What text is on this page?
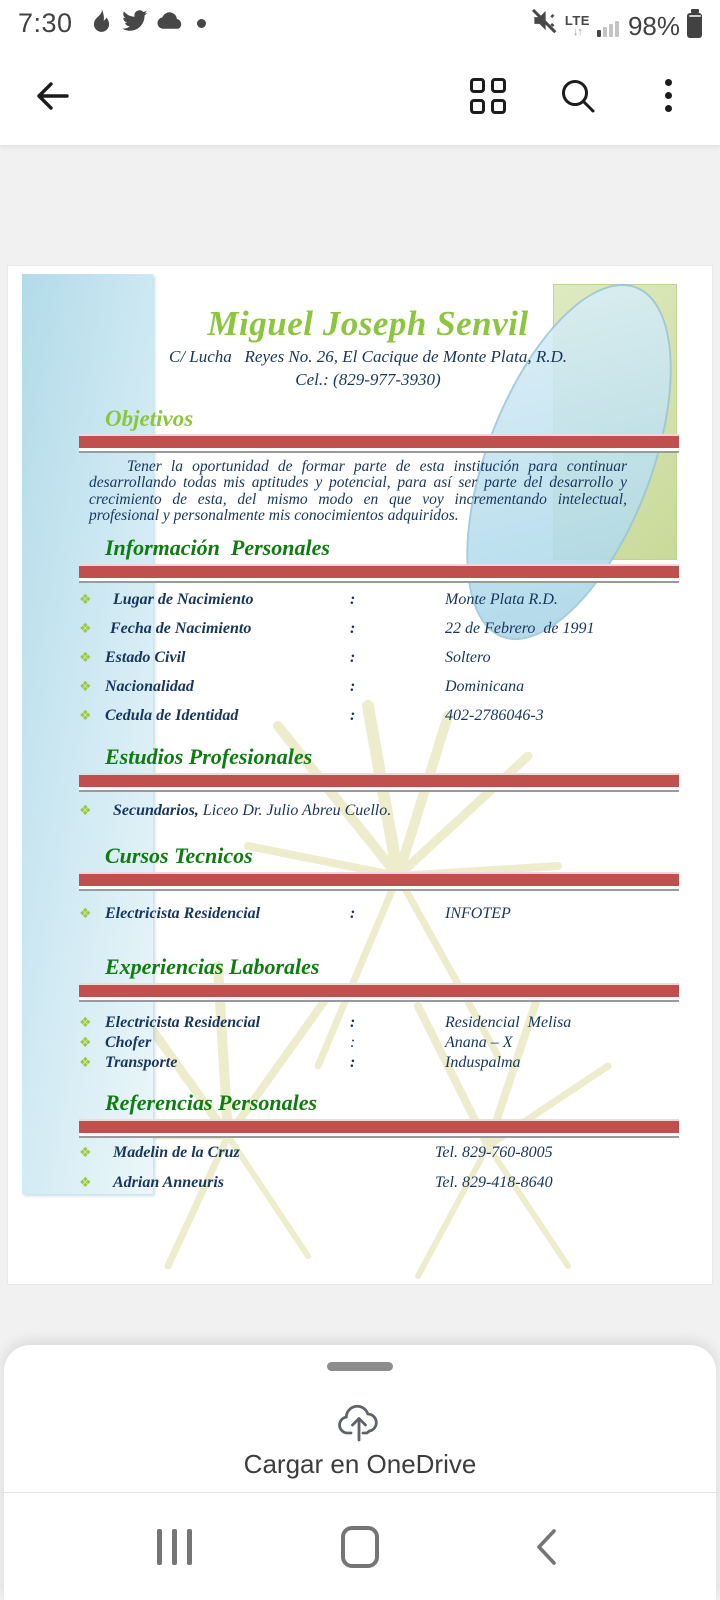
7:30	LTE
↓↑ 98%
Miguel Joseph Senvil
C/ Lucha   Reyes No. 26, El Cacique de Monte Plata, R.D.
Cel.: (829-977-3930)
Objetivos
Tener la oportunidad de formar parte de esta institución para continuar desarrollando todas mis aptitudes y potencial, para así ser parte del desarrollo y crecimiento de esta, del mismo modo en que voy incrementando intelectual, profesional y personalmente mis conocimientos adquiridos.
Información  Personales
❖	Lugar de Nacimiento	:	Monte Plata R.D.
❖	Fecha de Nacimiento	:	22 de Febrero  de 1991
❖ Estado Civil	:	Soltero
❖ Nacionalidad	:	Dominicana
❖ Cedula de Identidad	:	402-2786046-3
Estudios Profesionales
❖	Secundarios, Liceo Dr. Julio Abreu Cuello.
Cursos Tecnicos
❖ Electricista Residencial	:	INFOTEP
Experiencias Laborales
❖ Electricista Residencial	:	Residencial  Melisa
❖ Chofer	:	Anana – X
❖ Transporte	:	Induspalma
Referencias Personales
❖	Madelin de la Cruz	Tel. 829-760-8005
❖	Adrian Anneuris	Tel. 829-418-8640
Cargar en OneDrive
